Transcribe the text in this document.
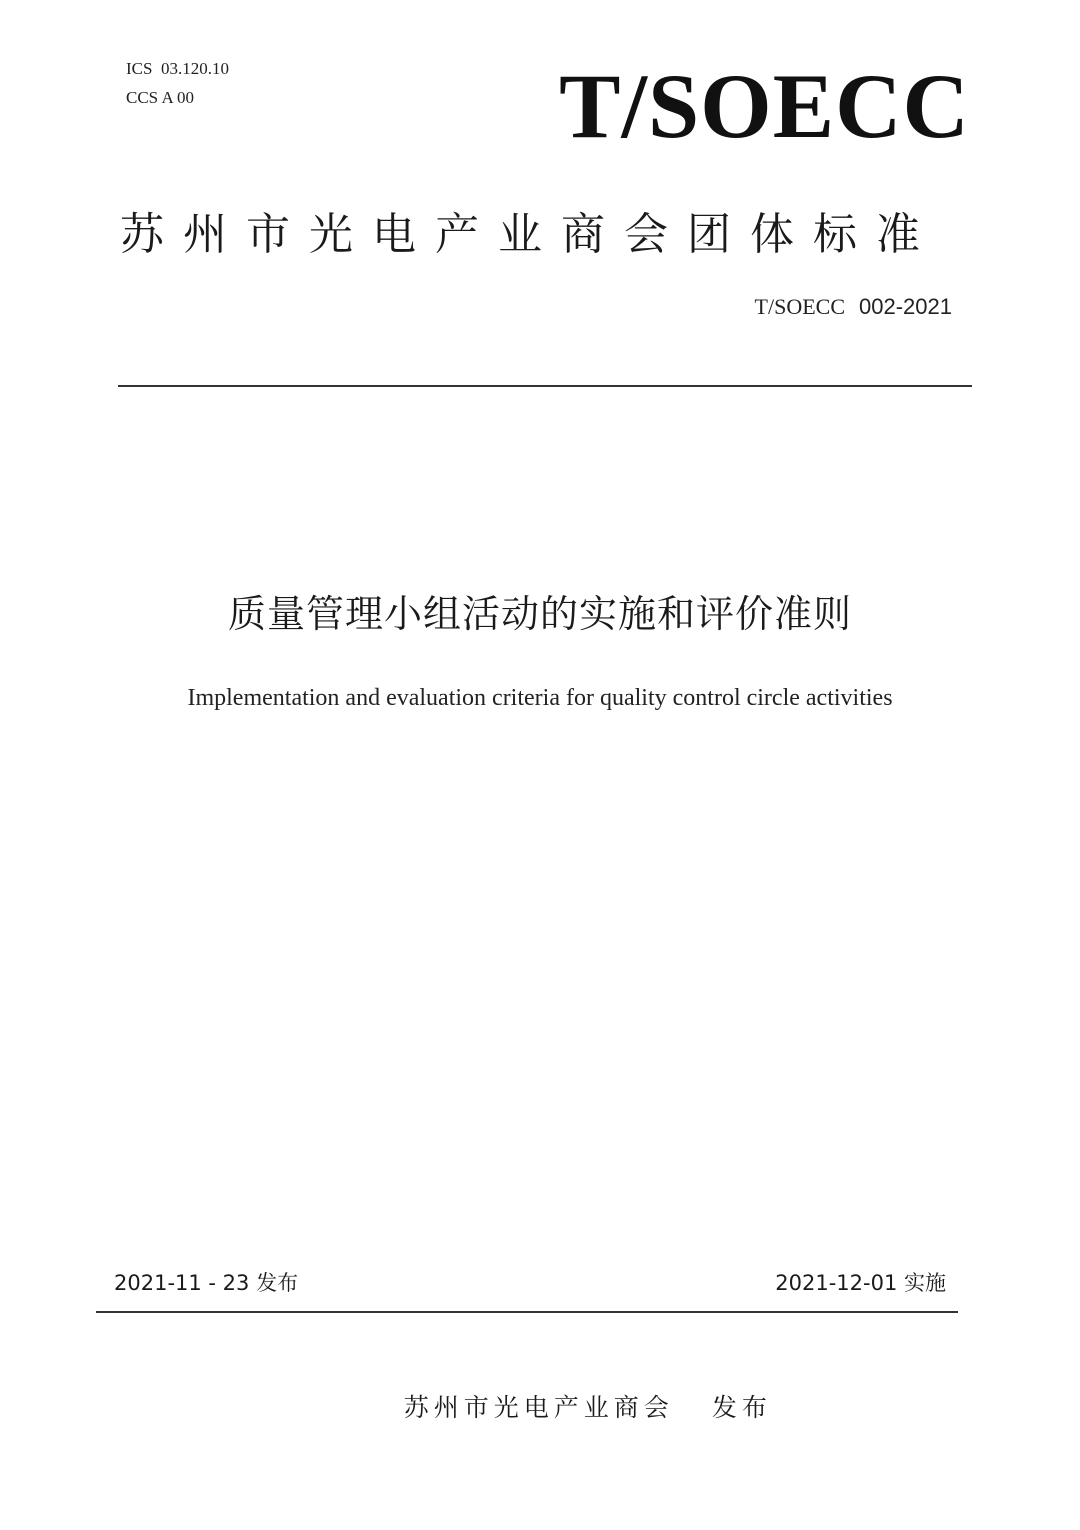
ICS  03.120.10
CCS A 00	T/SOECC
苏州市光电产业商会团体标准
T/SOECC 002-2021
质量管理小组活动的实施和评价准则
Implementation and evaluation criteria for quality control circle activities
2021-11 - 23 发布	2021-12-01 实施

苏州市光电产业商会 发布
